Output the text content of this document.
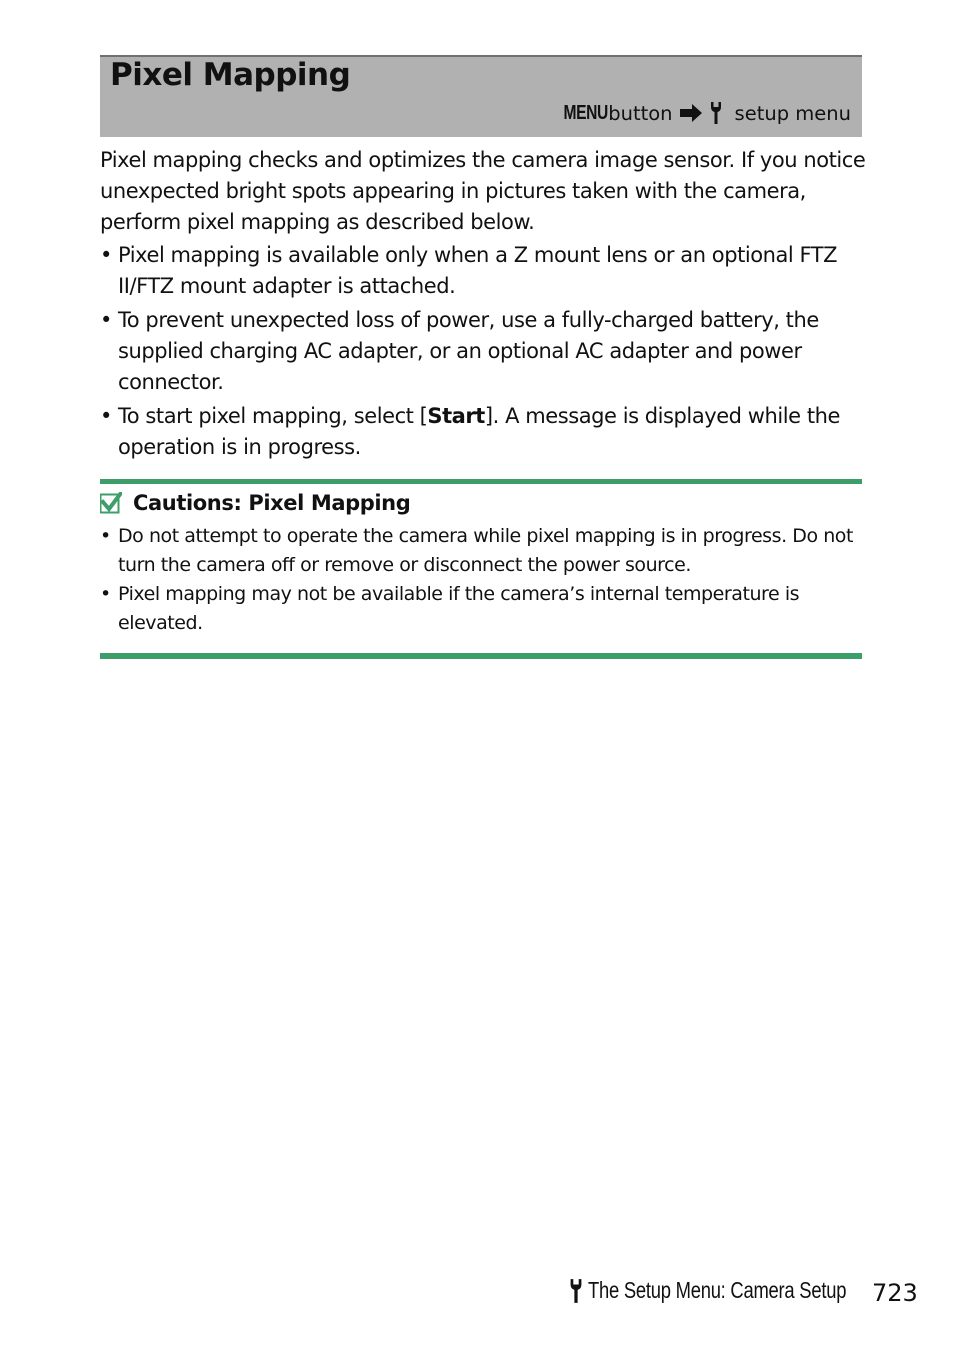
Pixel Mapping
MENU button	setup menu
Pixel mapping checks and optimizes the camera image sensor. If you notice unexpected bright spots appearing in pictures taken with the camera, perform pixel mapping as described below.
• Pixel mapping is available only when a Z mount lens or an optional FTZ II/FTZ mount adapter is attached.
• To prevent unexpected loss of power, use a fully-charged battery, the supplied charging AC adapter, or an optional AC adapter and power connector.
• To start pixel mapping, select [Start]. A message is displayed while the operation is in progress.
Cautions: Pixel Mapping
• Do not attempt to operate the camera while pixel mapping is in progress. Do not turn the camera off or remove or disconnect the power source.
• Pixel mapping may not be available if the camera’s internal temperature is elevated.
The Setup Menu: Camera Setup 723
